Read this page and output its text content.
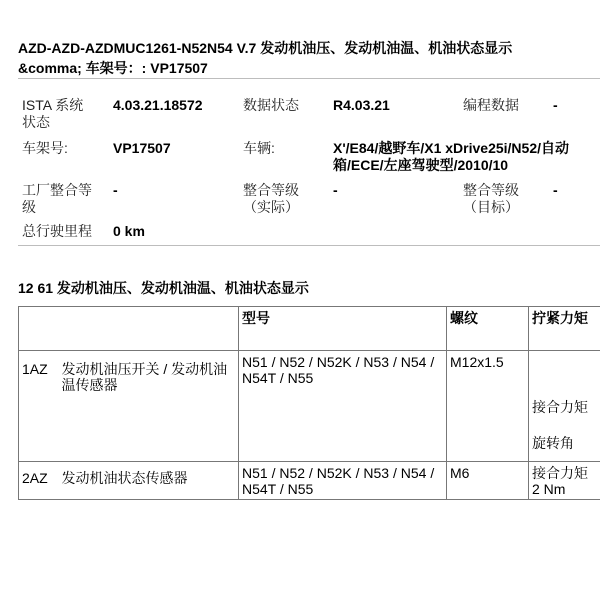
AZD-AZD-AZDMUC1261-N52N54 V.7 发动机油压、发动机油温、机油状态显示
&comma; 车架号：: VP17507
ISTA 系统
状态
4.03.21.18572	数据状态 R4.03.21	编程数据 -
车架号:	VP17507	车辆:	X'/E84/越野车/X1 xDrive25i/N52/自动
箱/ECE/左座驾驶型/2010/10
工厂整合等
级
-	整合等级
（实际）
-	整合等级
（目标）
-
总行驶里程 0 km
12 61 发动机油压、发动机油温、机油状态显示
		型号	螺纹	拧紧力矩
1AZ	发动机油压开关 / 发动机油温传感器	N51 / N52 / N52K / N53 / N54 / N54T / N55	M12x1.5	接合力矩
旋转角

2AZ	发动机油状态传感器	N51 / N52 / N52K / N53 / N54 / N54T / N55	M6	接合力矩
2 Nm
